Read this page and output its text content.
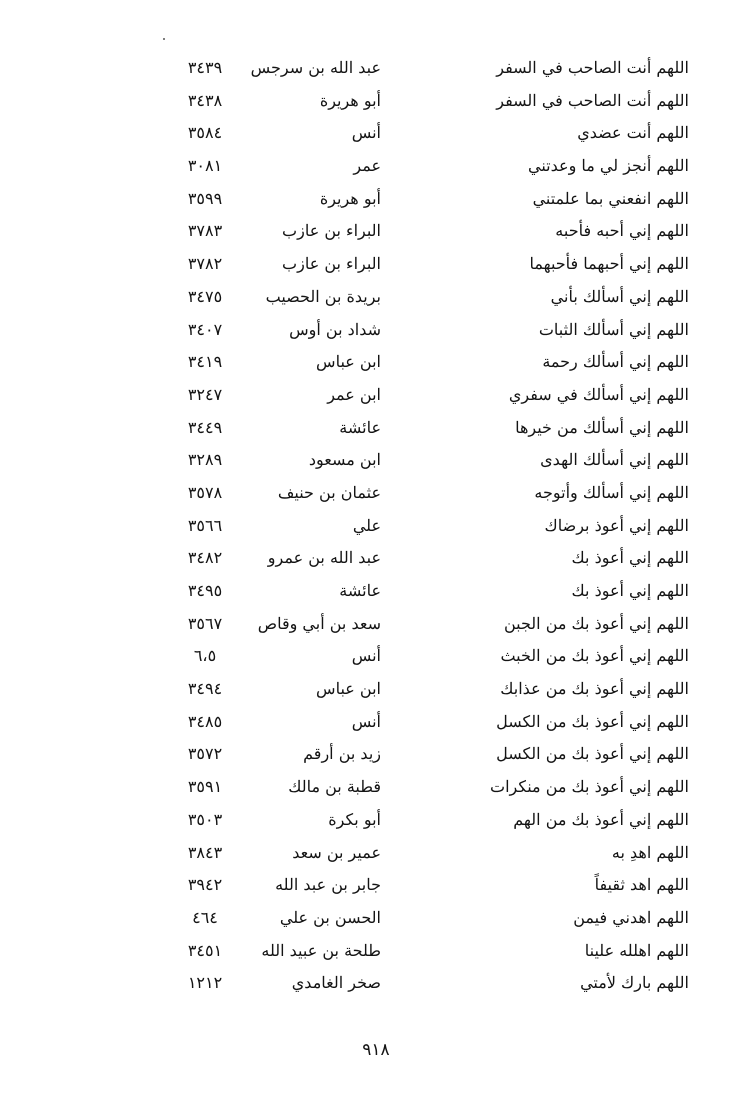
اللهم أنت الصاحب في السفر
عبد الله بن سرجس
٣٤٣٩
اللهم أنت الصاحب في السفر
أبو هريرة
٣٤٣٨
اللهم أنت عضدي
أنس
٣٥٨٤
اللهم أنجز لي ما وعدتني
عمر
٣٠٨١
اللهم انفعني بما علمتني
أبو هريرة
٣٥٩٩
اللهم إني أحبه فأحبه
البراء بن عازب
٣٧٨٣
اللهم إني أحبهما فأحبهما
البراء بن عازب
٣٧٨٢
اللهم إني أسألك بأني
بريدة بن الحصيب
٣٤٧٥
اللهم إني أسألك الثبات
شداد بن أوس
٣٤٠٧
اللهم إني أسألك رحمة
ابن عباس
٣٤١٩
اللهم إني أسألك في سفري
ابن عمر
٣٢٤٧
اللهم إني أسألك من خيرها
عائشة
٣٤٤٩
اللهم إني أسألك الهدى
ابن مسعود
٣٢٨٩
اللهم إني أسألك وأتوجه
عثمان بن حنيف
٣٥٧٨
اللهم إني أعوذ برضاك
علي
٣٥٦٦
اللهم إني أعوذ بك
عبد الله بن عمرو
٣٤٨٢
اللهم إني أعوذ بك
عائشة
٣٤٩٥
اللهم إني أعوذ بك من الجبن
سعد بن أبي وقاص
٣٥٦٧
اللهم إني أعوذ بك من الخبث
أنس
٦،٥
اللهم إني أعوذ بك من عذابك
ابن عباس
٣٤٩٤
اللهم إني أعوذ بك من الكسل
أنس
٣٤٨٥
اللهم إني أعوذ بك من الكسل
زيد بن أرقم
٣٥٧٢
اللهم إني أعوذ بك من منكرات
قطبة بن مالك
٣٥٩١
اللهم إني أعوذ بك من الهم
أبو بكرة
٣٥٠٣
اللهم اهدِ به
عمير بن سعد
٣٨٤٣
اللهم اهد ثقيفاً
جابر بن عبد الله
٣٩٤٢
اللهم اهدني فيمن
الحسن بن علي
٤٦٤
اللهم اهلله علينا
طلحة بن عبيد الله
٣٤٥١
اللهم بارك لأمتي
صخر الغامدي
١٢١٢
٩١٨
